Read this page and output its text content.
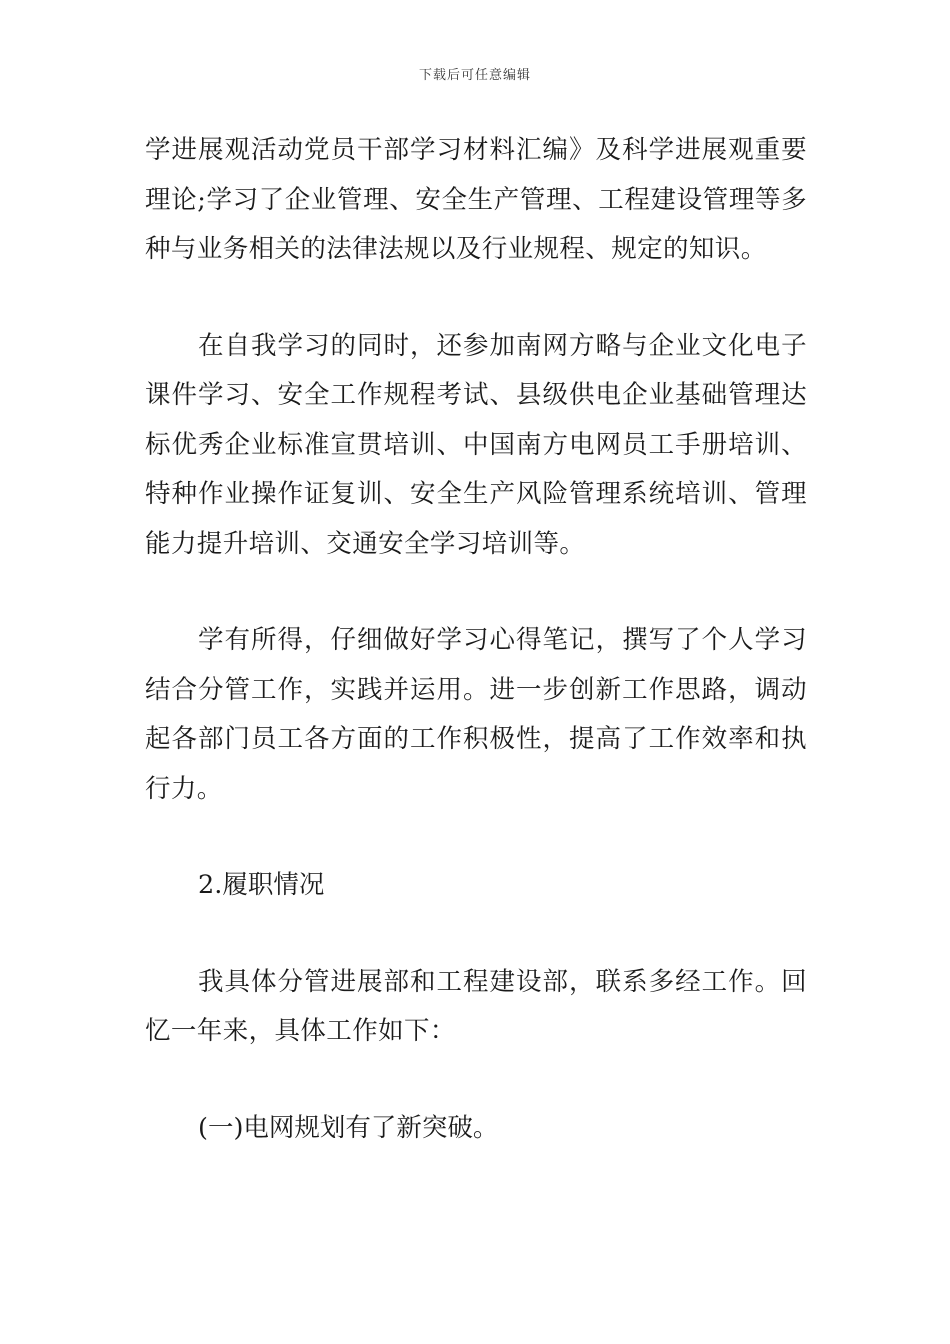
下载后可任意编辑

学进展观活动党员干部学习材料汇编》及科学进展观重要理论;学习了企业管理、安全生产管理、工程建设管理等多种与业务相关的法律法规以及行业规程、规定的知识。

在自我学习的同时，还参加南网方略与企业文化电子课件学习、安全工作规程考试、县级供电企业基础管理达标优秀企业标准宣贯培训、中国南方电网员工手册培训、特种作业操作证复训、安全生产风险管理系统培训、管理能力提升培训、交通安全学习培训等。

学有所得，仔细做好学习心得笔记，撰写了个人学习结合分管工作，实践并运用。进一步创新工作思路，调动起各部门员工各方面的工作积极性，提高了工作效率和执行力。

2.履职情况

我具体分管进展部和工程建设部，联系多经工作。回忆一年来，具体工作如下：

(一)电网规划有了新突破。
